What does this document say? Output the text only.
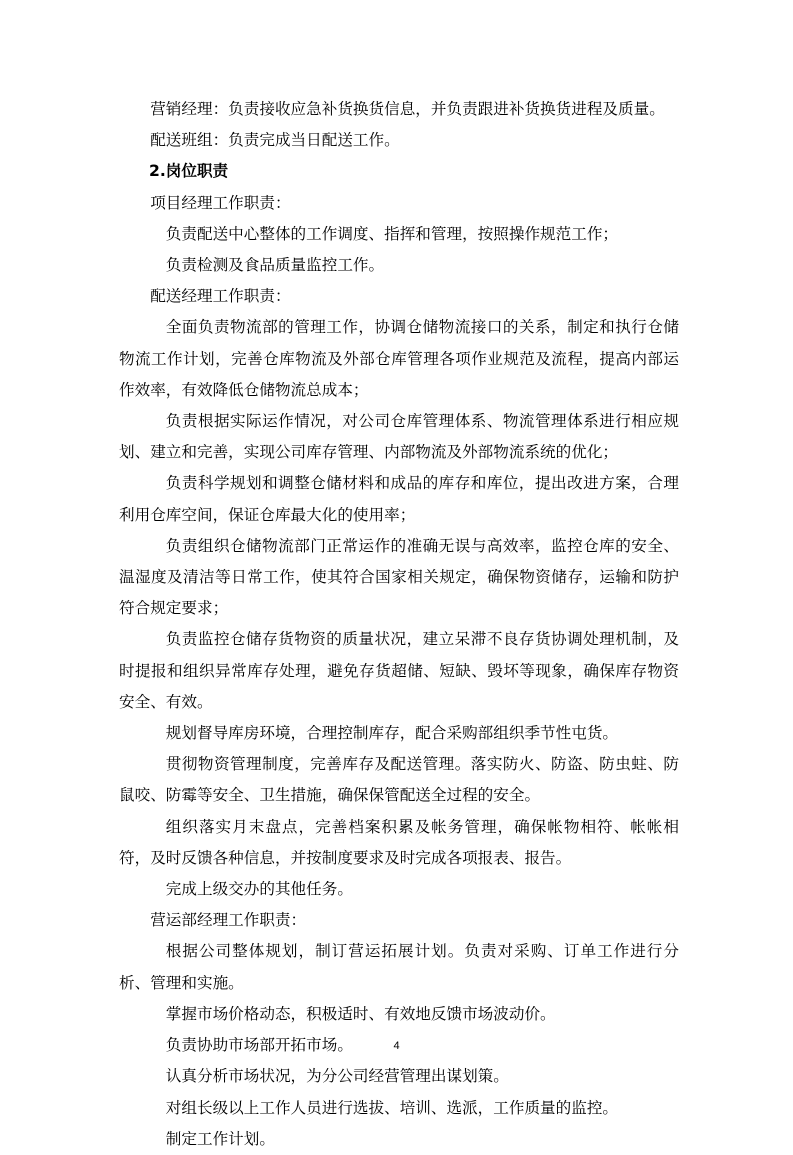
营销经理：负责接收应急补货换货信息，并负责跟进补货换货进程及质量。

配送班组：负责完成当日配送工作。

2.岗位职责

项目经理工作职责：

负责配送中心整体的工作调度、指挥和管理，按照操作规范工作；

负责检测及食品质量监控工作。

配送经理工作职责：

全面负责物流部的管理工作，协调仓储物流接口的关系，制定和执行仓储物流工作计划，完善仓库物流及外部仓库管理各项作业规范及流程，提高内部运作效率，有效降低仓储物流总成本；

负责根据实际运作情况，对公司仓库管理体系、物流管理体系进行相应规划、建立和完善，实现公司库存管理、内部物流及外部物流系统的优化；

负责科学规划和调整仓储材料和成品的库存和库位，提出改进方案，合理利用仓库空间，保证仓库最大化的使用率；

负责组织仓储物流部门正常运作的准确无误与高效率，监控仓库的安全、温湿度及清洁等日常工作，使其符合国家相关规定，确保物资储存，运输和防护符合规定要求；

负责监控仓储存货物资的质量状况，建立呆滞不良存货协调处理机制，及时提报和组织异常库存处理，避免存货超储、短缺、毁坏等现象，确保库存物资安全、有效。

规划督导库房环境，合理控制库存，配合采购部组织季节性屯货。

贯彻物资管理制度，完善库存及配送管理。落实防火、防盗、防虫蛀、防鼠咬、防霉等安全、卫生措施，确保保管配送全过程的安全。

组织落实月末盘点，完善档案积累及帐务管理，确保帐物相符、帐帐相符，及时反馈各种信息，并按制度要求及时完成各项报表、报告。

完成上级交办的其他任务。

营运部经理工作职责：

根据公司整体规划，制订营运拓展计划。负责对采购、订单工作进行分析、管理和实施。

掌握市场价格动态，积极适时、有效地反馈市场波动价。

负责协助市场部开拓市场。

认真分析市场状况，为分公司经营管理出谋划策。

对组长级以上工作人员进行选拔、培训、选派，工作质量的监控。

制定工作计划。

4
